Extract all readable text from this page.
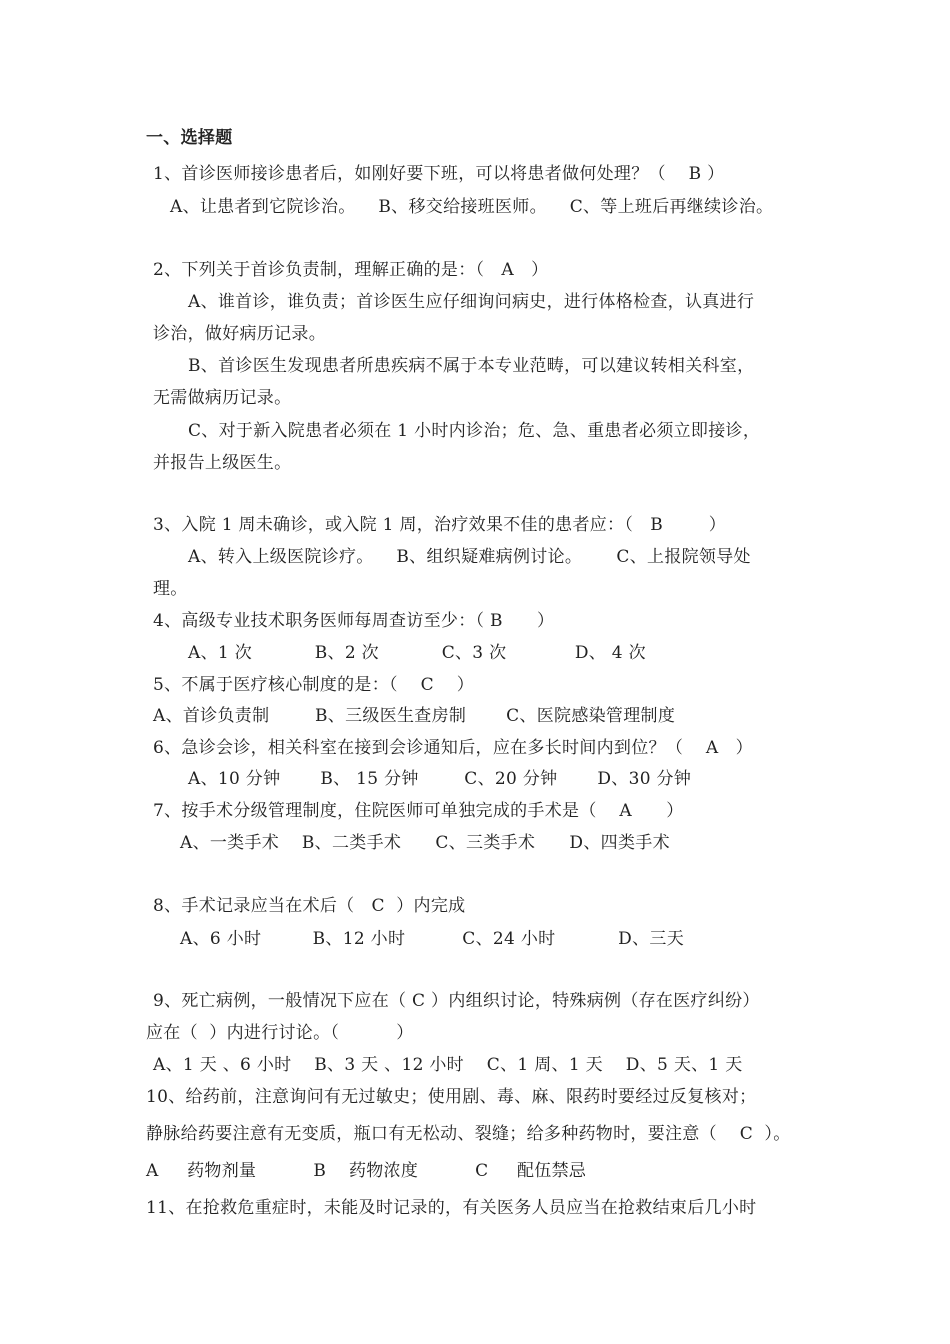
一、选择题
1、首诊医师接诊患者后，如刚好要下班，可以将患者做何处理？（    B ）
A、让患者到它院诊治。    B、移交给接班医师。    C、等上班后再继续诊治。
2、下列关于首诊负责制，理解正确的是：（   A   ）
A、谁首诊，谁负责；首诊医生应仔细询问病史，进行体格检查，认真进行
诊治，做好病历记录。
B、首诊医生发现患者所患疾病不属于本专业范畴，可以建议转相关科室，
无需做病历记录。
C、对于新入院患者必须在 1 小时内诊治；危、急、重患者必须立即接诊，
并报告上级医生。
3、入院 1 周未确诊，或入院 1 周，治疗效果不佳的患者应：（   B        ）
A、转入上级医院诊疗。    B、组织疑难病例讨论。      C、上报院领导处
理。
4、高级专业技术职务医师每周查访至少：（ B      ）
A、1 次           B、2 次           C、3 次            D、 4 次
5、不属于医疗核心制度的是：（    C    ）
A、首诊负责制        B、三级医生查房制       C、医院感染管理制度
6、急诊会诊，相关科室在接到会诊通知后，应在多长时间内到位？（    A   ）
A、10 分钟       B、 15 分钟        C、20 分钟       D、30 分钟
7、按手术分级管理制度，住院医师可单独完成的手术是（    A      ）
A、一类手术    B、二类手术      C、三类手术      D、四类手术
8、手术记录应当在术后（   C  ）内完成
A、6 小时         B、12 小时          C、24 小时           D、三天
9、死亡病例，一般情况下应在（ C ）内组织讨论，特殊病例（存在医疗纠纷）
应在（  ）内进行讨论。（          ）
A、1 天 、6 小时    B、3 天 、12 小时    C、1 周、1 天    D、5 天、1 天
10、给药前，注意询问有无过敏史；使用剧、毒、麻、限药时要经过反复核对；
静脉给药要注意有无变质，瓶口有无松动、裂缝；给多种药物时，要注意（    C  ）。
A     药物剂量          B    药物浓度          C     配伍禁忌
11、在抢救危重症时，未能及时记录的，有关医务人员应当在抢救结束后几小时
